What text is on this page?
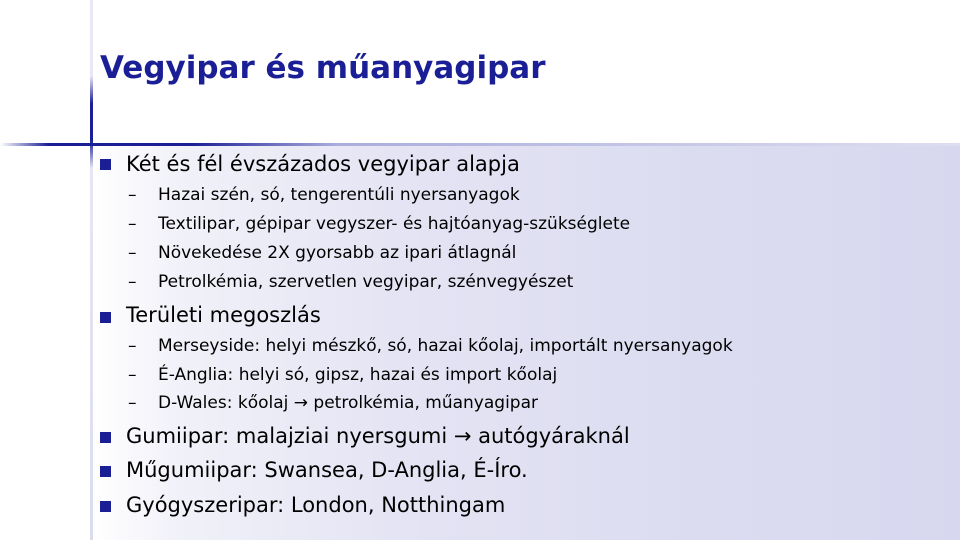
Vegyipar és műanyagipar
Két és fél évszázados vegyipar alapja
– Hazai szén, só, tengerentúli nyersanyagok
– Textilipar, gépipar vegyszer- és hajtóanyag-szükséglete
– Növekedése 2X gyorsabb az ipari átlagnál
– Petrolkémia, szervetlen vegyipar, szénvegyészet
Területi megoszlás
– Merseyside: helyi mészkő, só, hazai kőolaj, importált nyersanyagok
– É-Anglia: helyi só, gipsz, hazai és import kőolaj
– D-Wales: kőolaj → petrolkémia, műanyagipar
Gumiipar: malajziai nyersgumi → autógyáraknál
Műgumiipar: Swansea, D-Anglia, É-Íro.
Gyógyszeripar: London, Notthingam
